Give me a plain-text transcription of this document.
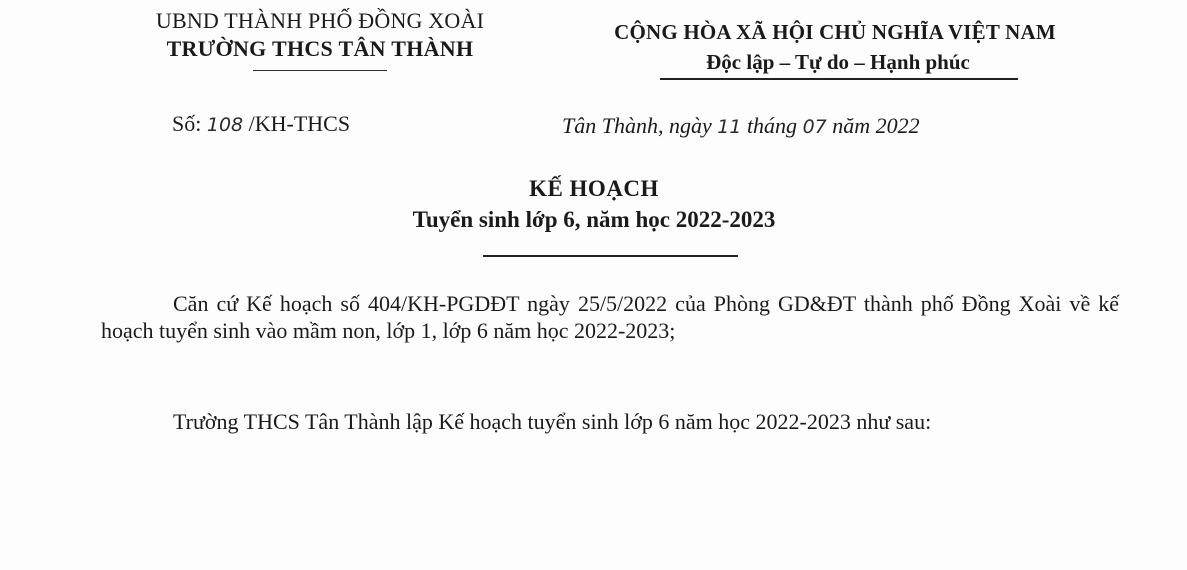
UBND THÀNH PHỐ ĐỒNG XOÀI
TRƯỜNG THCS TÂN THÀNH
CỘNG HÒA XÃ HỘI CHỦ NGHĨA VIỆT NAM
Độc lập – Tự do – Hạnh phúc
Số: 108 /KH-THCS	Tân Thành, ngày 11 tháng 07 năm 2022
KẾ HOẠCH
Tuyển sinh lớp 6, năm học 2022-2023
Căn cứ Kế hoạch số 404/KH-PGDĐT ngày 25/5/2022 của Phòng GD&ĐT thành phố Đồng Xoài về kế hoạch tuyển sinh vào mầm non, lớp 1, lớp 6 năm học 2022-2023;
Trường THCS Tân Thành lập Kế hoạch tuyển sinh lớp 6 năm học 2022-2023 như sau:
